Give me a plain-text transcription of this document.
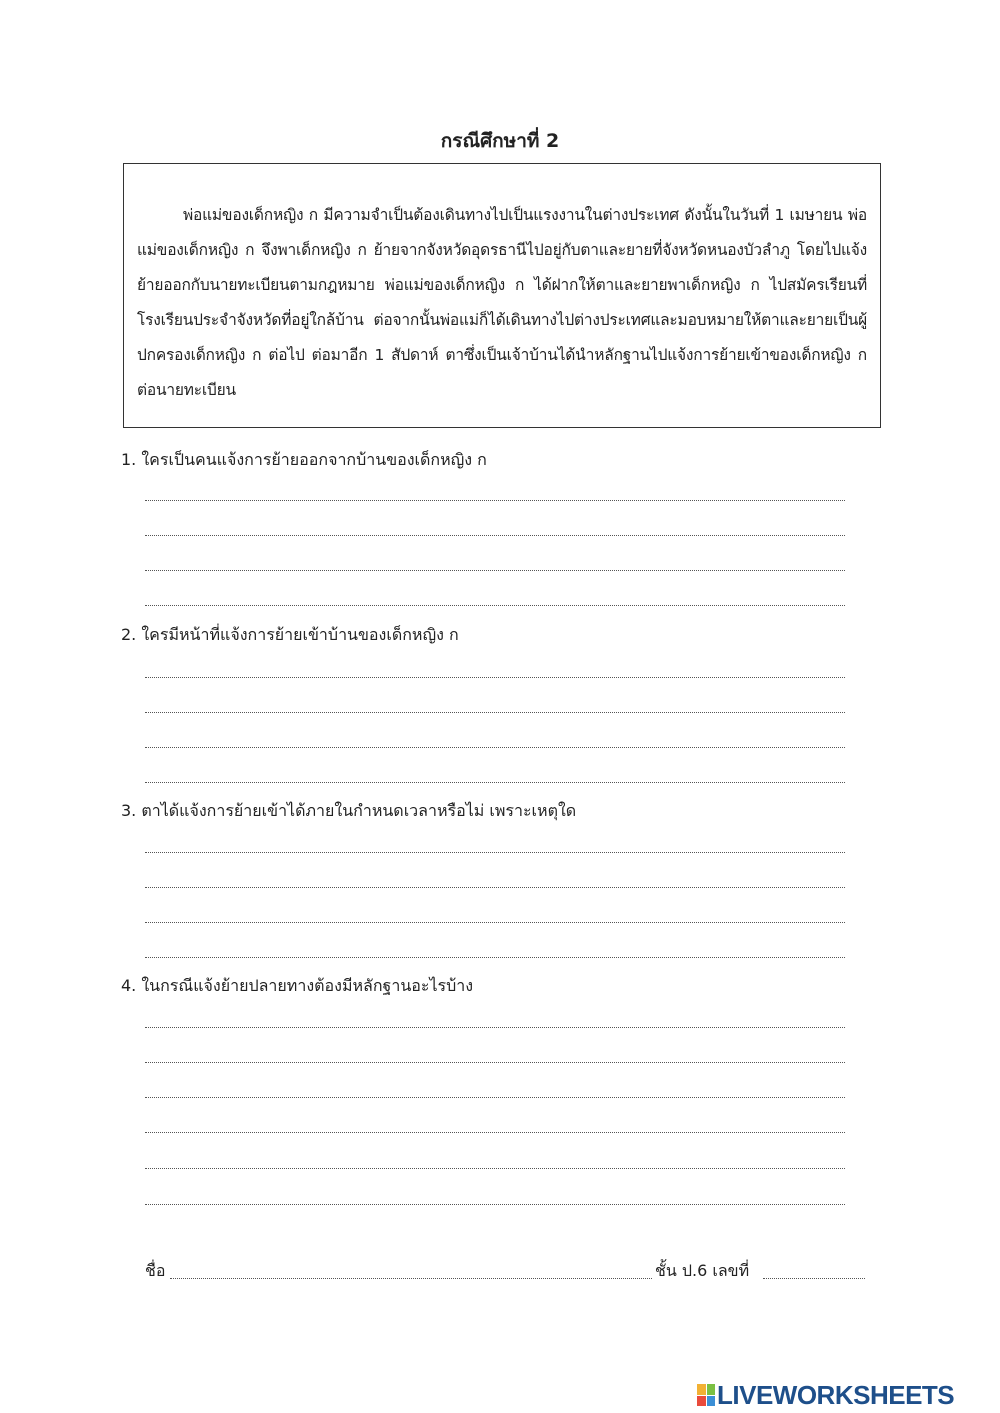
กรณีศึกษาที่ 2

พ่อแม่ของเด็กหญิง ก มีความจำเป็นต้องเดินทางไปเป็นแรงงานในต่างประเทศ ดังนั้นในวันที่ 1 เมษายน พ่อแม่ของเด็กหญิง ก จึงพาเด็กหญิง ก ย้ายจากจังหวัดอุดรธานีไปอยู่กับตาและยายที่จังหวัดหนองบัวลำภู โดยไปแจ้งย้ายออกกับนายทะเบียนตามกฎหมาย พ่อแม่ของเด็กหญิง ก ได้ฝากให้ตาและยายพาเด็กหญิง ก ไปสมัครเรียนที่โรงเรียนประจำจังหวัดที่อยู่ใกล้บ้าน ต่อจากนั้นพ่อแม่ก็ได้เดินทางไปต่างประเทศและมอบหมายให้ตาและยายเป็นผู้ปกครองเด็กหญิง ก ต่อไป ต่อมาอีก 1 สัปดาห์ ตาซึ่งเป็นเจ้าบ้านได้นำหลักฐานไปแจ้งการย้ายเข้าของเด็กหญิง ก ต่อนายทะเบียน

1. ใครเป็นคนแจ้งการย้ายออกจากบ้านของเด็กหญิง ก

2. ใครมีหน้าที่แจ้งการย้ายเข้าบ้านของเด็กหญิง ก

3. ตาได้แจ้งการย้ายเข้าได้ภายในกำหนดเวลาหรือไม่ เพราะเหตุใด

4. ในกรณีแจ้งย้ายปลายทางต้องมีหลักฐานอะไรบ้าง

ชื่อ	ชั้น ป.6 เลขที่

LIVEWORKSHEETS
